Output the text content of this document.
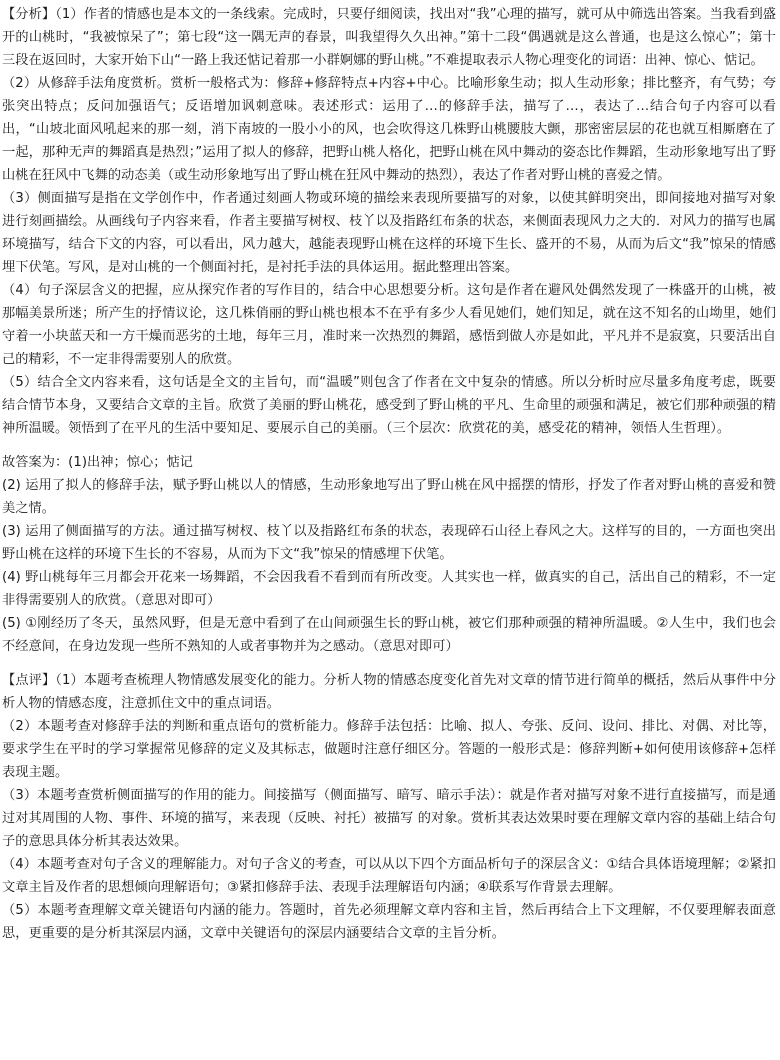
【分析】（1）作者的情感也是本文的一条线索。完成时，只要仔细阅读，找出对“我”心理的描写，就可从中筛选出答案。当我看到盛开的山桃时，“我被惊呆了”；第七段“这一隅无声的春景，叫我望得久久出神。”第十二段“偶遇就是这么普通，也是这么惊心”；第十三段在返回时，大家开始下山“一路上我还惦记着那一小群婀娜的野山桃。”不难提取表示人物心理变化的词语：出神、惊心、惦记。

（2）从修辞手法角度赏析。赏析一般格式为：修辞+修辞特点+内容+中心。比喻形象生动；拟人生动形象；排比整齐，有气势；夸张突出特点；反问加强语气；反语增加讽刺意味。表述形式：运用了…的修辞手法，描写了…，表达了…结合句子内容可以看出，“山坡北面风吼起来的那一刻，消下南坡的一股小小的风，也会吹得这几株野山桃腰肢大颤，那密密层层的花也就互相厮磨在了一起，那种无声的舞蹈真是热烈；”运用了拟人的修辞，把野山桃人格化，把野山桃在风中舞动的姿态比作舞蹈，生动形象地写出了野山桃在狂风中飞舞的动态美（或生动形象地写出了野山桃在狂风中舞动的热烈），表达了作者对野山桃的喜爱之情。

（3）侧面描写是指在文学创作中，作者通过刻画人物或环境的描绘来表现所要描写的对象，以使其鲜明突出，即间接地对描写对象进行刻画描绘。从画线句子内容来看，作者主要描写树杈、枝丫以及指路红布条的状态，来侧面表现风力之大的．对风力的描写也属环境描写，结合下文的内容，可以看出，风力越大，越能表现野山桃在这样的环境下生长、盛开的不易，从而为后文“我”惊呆的情感埋下伏笔。写风，是对山桃的一个侧面衬托，是衬托手法的具体运用。据此整理出答案。

（4）句子深层含义的把握，应从探究作者的写作目的，结合中心思想要分析。这句是作者在避风处偶然发现了一株盛开的山桃，被那幅美景所迷；所产生的抒情议论，这几株俏丽的野山桃也根本不在乎有多少人看见她们，她们知足，就在这不知名的山坳里，她们守着一小块蓝天和一方干燥而恶劣的土地，每年三月，准时来一次热烈的舞蹈，感悟到做人亦是如此，平凡并不是寂寞，只要活出自己的精彩，不一定非得需要别人的欣赏。

（5）结合全文内容来看，这句话是全文的主旨句，而“温暖”则包含了作者在文中复杂的情感。所以分析时应尽量多角度考虑，既要结合情节本身，又要结合文章的主旨。欣赏了美丽的野山桃花，感受到了野山桃的平凡、生命里的顽强和满足，被它们那种顽强的精神所温暖。领悟到了在平凡的生活中要知足、要展示自己的美丽。（三个层次：欣赏花的美，感受花的精神，领悟人生哲理）。

故答案为：(1)出神；惊心；惦记

(2) 运用了拟人的修辞手法，赋予野山桃以人的情感，生动形象地写出了野山桃在风中摇摆的情形，抒发了作者对野山桃的喜爱和赞美之情。

(3) 运用了侧面描写的方法。通过描写树杈、枝丫以及指路红布条的状态，表现碎石山径上春风之大。这样写的目的，一方面也突出野山桃在这样的环境下生长的不容易，从而为下文“我”惊呆的情感埋下伏笔。

(4) 野山桃每年三月都会开花来一场舞蹈，不会因我看不看到而有所改变。人其实也一样，做真实的自己，活出自己的精彩，不一定非得需要别人的欣赏。（意思对即可）

(5) ①刚经历了冬天，虽然风野，但是无意中看到了在山间顽强生长的野山桃，被它们那种顽强的精神所温暖。②人生中，我们也会不经意间，在身边发现一些所不熟知的人或者事物并为之感动。（意思对即可）

【点评】（1）本题考查梳理人物情感发展变化的能力。分析人物的情感态度变化首先对文章的情节进行简单的概括，然后从事件中分析人物的情感态度，注意抓住文中的重点词语。

（2）本题考查对修辞手法的判断和重点语句的赏析能力。修辞手法包括：比喻、拟人、夸张、反问、设问、排比、对偶、对比等，要求学生在平时的学习掌握常见修辞的定义及其标志，做题时注意仔细区分。答题的一般形式是：修辞判断+如何使用该修辞+怎样表现主题。

（3）本题考查赏析侧面描写的作用的能力。间接描写（侧面描写、暗写、暗示手法）：就是作者对描写对象不进行直接描写，而是通过对其周围的人物、事件、环境的描写，来表现（反映、衬托）被描写 的对象。赏析其表达效果时要在理解文章内容的基础上结合句子的意思具体分析其表达效果。

（4）本题考查对句子含义的理解能力。对句子含义的考查，可以从以下四个方面品析句子的深层含义：①结合具体语境理解；②紧扣文章主旨及作者的思想倾向理解语句；③紧扣修辞手法、表现手法理解语句内涵；④联系写作背景去理解。

（5）本题考查理解文章关键语句内涵的能力。答题时，首先必须理解文章内容和主旨，然后再结合上下文理解，不仅要理解表面意思，更重要的是分析其深层内涵，文章中关键语句的深层内涵要结合文章的主旨分析。
